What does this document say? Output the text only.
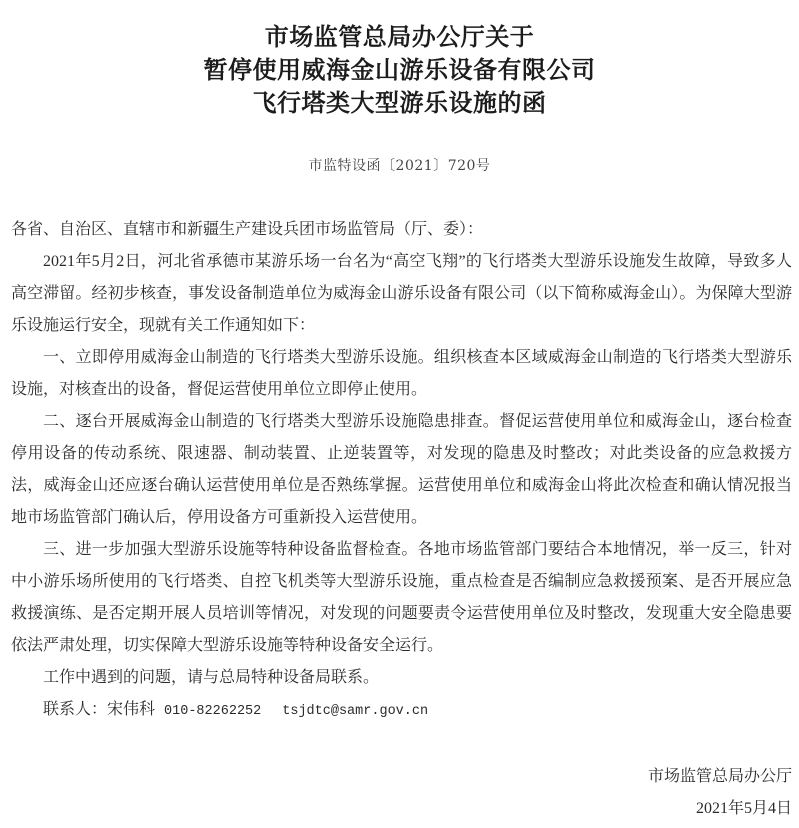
市场监管总局办公厅关于
暂停使用威海金山游乐设备有限公司
飞行塔类大型游乐设施的函
市监特设函〔2021〕720号

各省、自治区、直辖市和新疆生产建设兵团市场监管局（厅、委）：

2021年5月2日，河北省承德市某游乐场一台名为“高空飞翔”的飞行塔类大型游乐设施发生故障，导致多人高空滞留。经初步核查，事发设备制造单位为威海金山游乐设备有限公司（以下简称威海金山）。为保障大型游乐设施运行安全，现就有关工作通知如下：

一、立即停用威海金山制造的飞行塔类大型游乐设施。组织核查本区域威海金山制造的飞行塔类大型游乐设施，对核查出的设备，督促运营使用单位立即停止使用。

二、逐台开展威海金山制造的飞行塔类大型游乐设施隐患排查。督促运营使用单位和威海金山，逐台检查停用设备的传动系统、限速器、制动装置、止逆装置等，对发现的隐患及时整改；对此类设备的应急救援方法，威海金山还应逐台确认运营使用单位是否熟练掌握。运营使用单位和威海金山将此次检查和确认情况报当地市场监管部门确认后，停用设备方可重新投入运营使用。

三、进一步加强大型游乐设施等特种设备监督检查。各地市场监管部门要结合本地情况，举一反三，针对中小游乐场所使用的飞行塔类、自控飞机类等大型游乐设施，重点检查是否编制应急救援预案、是否开展应急救援演练、是否定期开展人员培训等情况，对发现的问题要责令运营使用单位及时整改，发现重大安全隐患要依法严肃处理，切实保障大型游乐设施等特种设备安全运行。

工作中遇到的问题，请与总局特种设备局联系。

联系人：宋伟科 010-82262252 tsjdtc@samr.gov.cn

市场监管总局办公厅
2021年5月4日
